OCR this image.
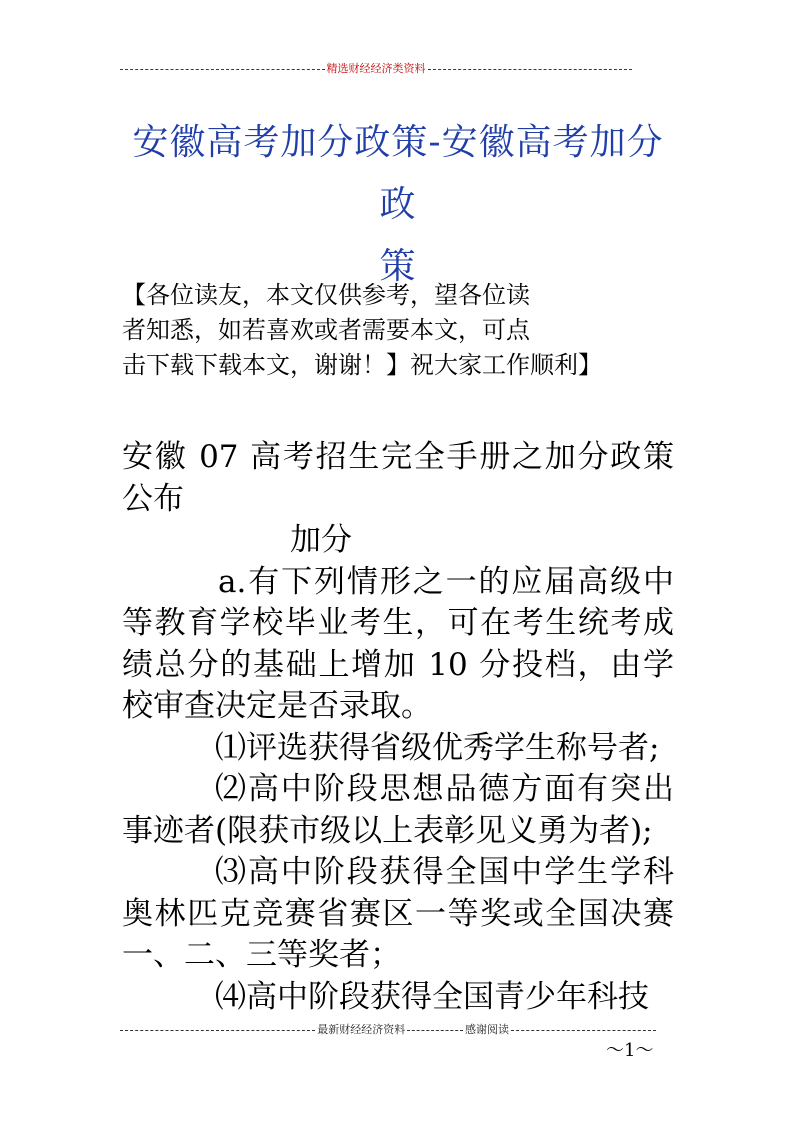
精选财经经济类资料
安徽高考加分政策-安徽高考加分政
策
【各位读友，本文仅供参考，望各位读
者知悉，如若喜欢或者需要本文，可点
击下载下载本文，谢谢！】祝大家工作顺利】

安徽 07 高考招生完全手册之加分政策公布

加分

a.有下列情形之一的应届高级中等教育学校毕业考生，可在考生统考成绩总分的基础上增加 10 分投档，由学校审查决定是否录取。

⑴评选获得省级优秀学生称号者;

⑵高中阶段思想品德方面有突出事迹者(限获市级以上表彰见义勇为者);

⑶高中阶段获得全国中学生学科奥林匹克竞赛省赛区一等奖或全国决赛一、二、三等奖者；

⑷高中阶段获得全国青少年科技

最新财经经济资料	感谢阅读
～1～
